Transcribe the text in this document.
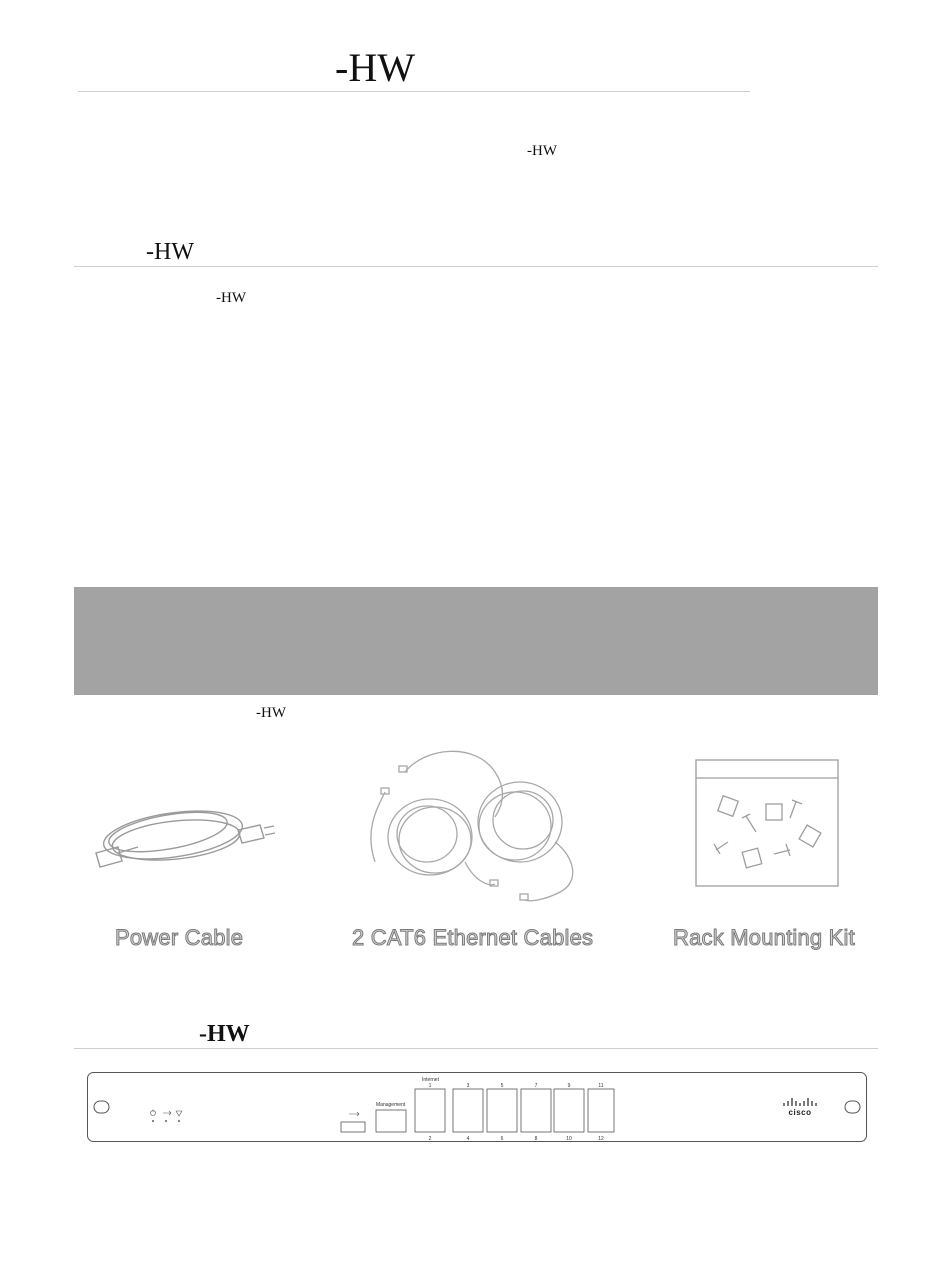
-HW
-HW
-HW
-HW
-HW
Power Cable	2 CAT6 Ethernet Cables	Rack Mounting Kit
-HW
Management
Internet
1	3	5	7	9	11
2	4	6	8	10	12
cisco
